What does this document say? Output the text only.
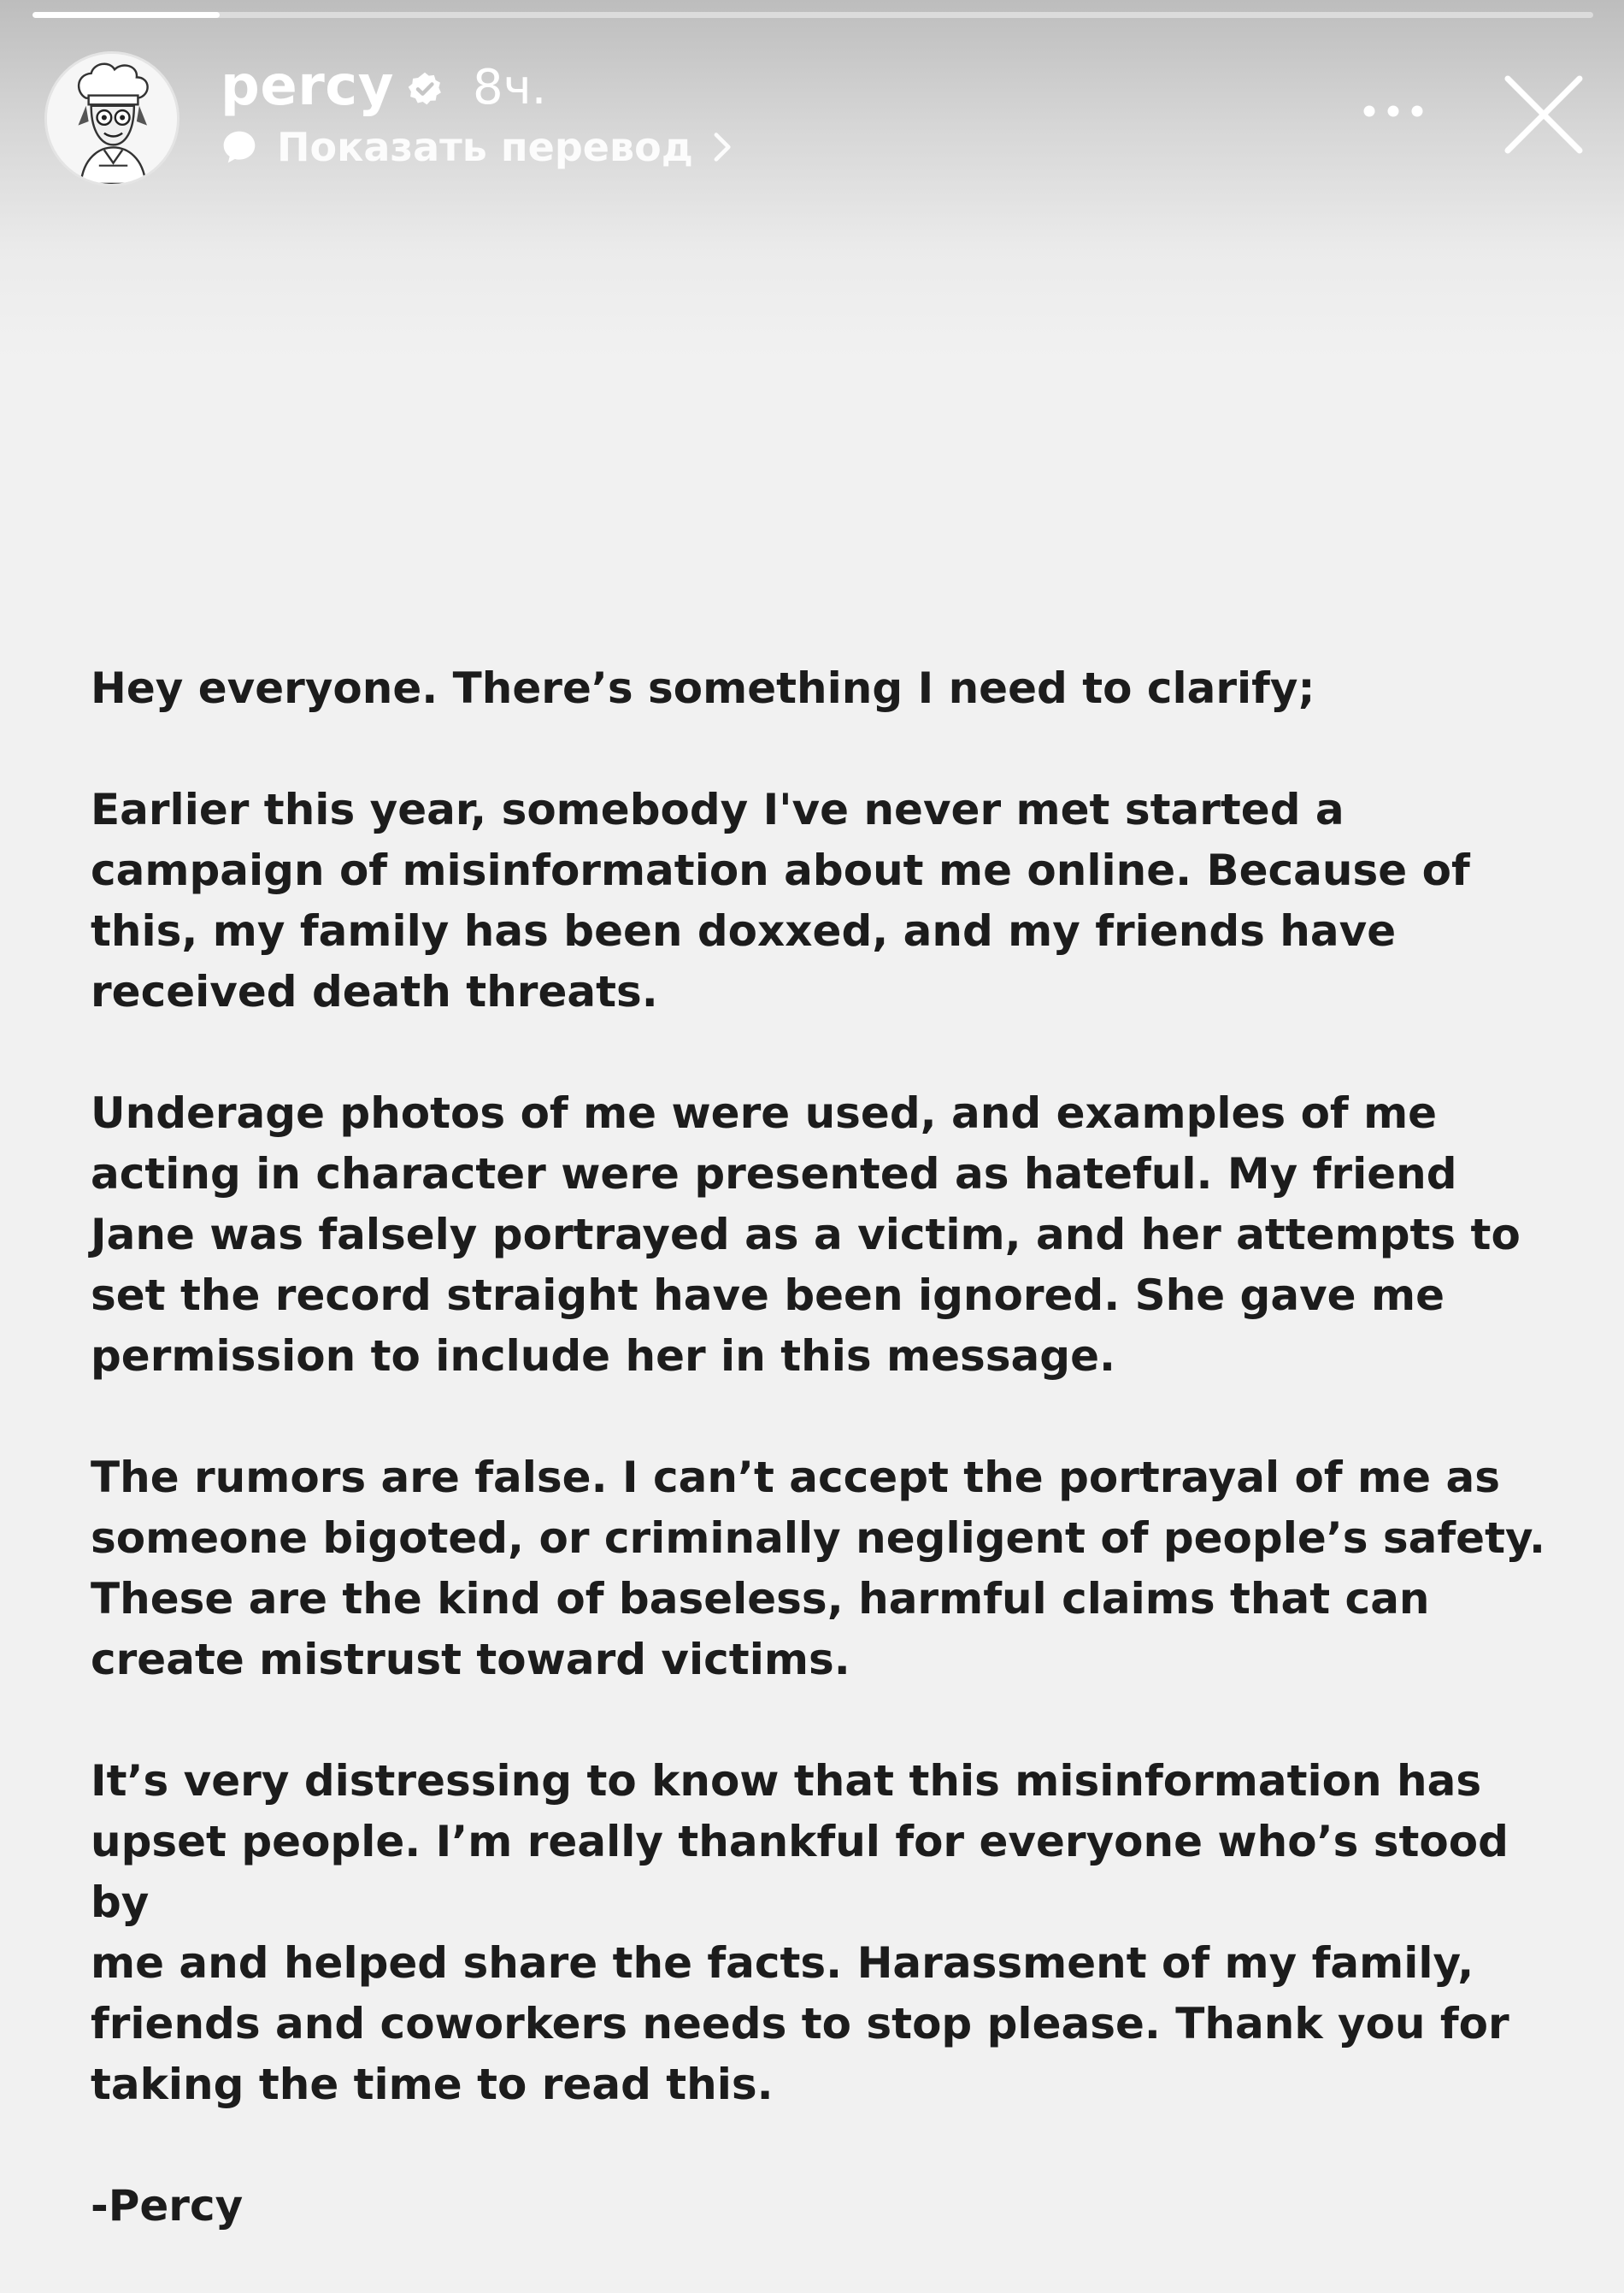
percy 8ч.
Показать перевод

Hey everyone. There’s something I need to clarify;

Earlier this year, somebody I've never met started a
campaign of misinformation about me online. Because of
this, my family has been doxxed, and my friends have
received death threats.

Underage photos of me were used, and examples of me
acting in character were presented as hateful. My friend
Jane was falsely portrayed as a victim, and her attempts to
set the record straight have been ignored. She gave me
permission to include her in this message.

The rumors are false. I can’t accept the portrayal of me as
someone bigoted, or criminally negligent of people’s safety.
These are the kind of baseless, harmful claims that can
create mistrust toward victims.

It’s very distressing to know that this misinformation has
upset people. I’m really thankful for everyone who’s stood by
me and helped share the facts. Harassment of my family,
friends and coworkers needs to stop please. Thank you for
taking the time to read this.

-Percy
